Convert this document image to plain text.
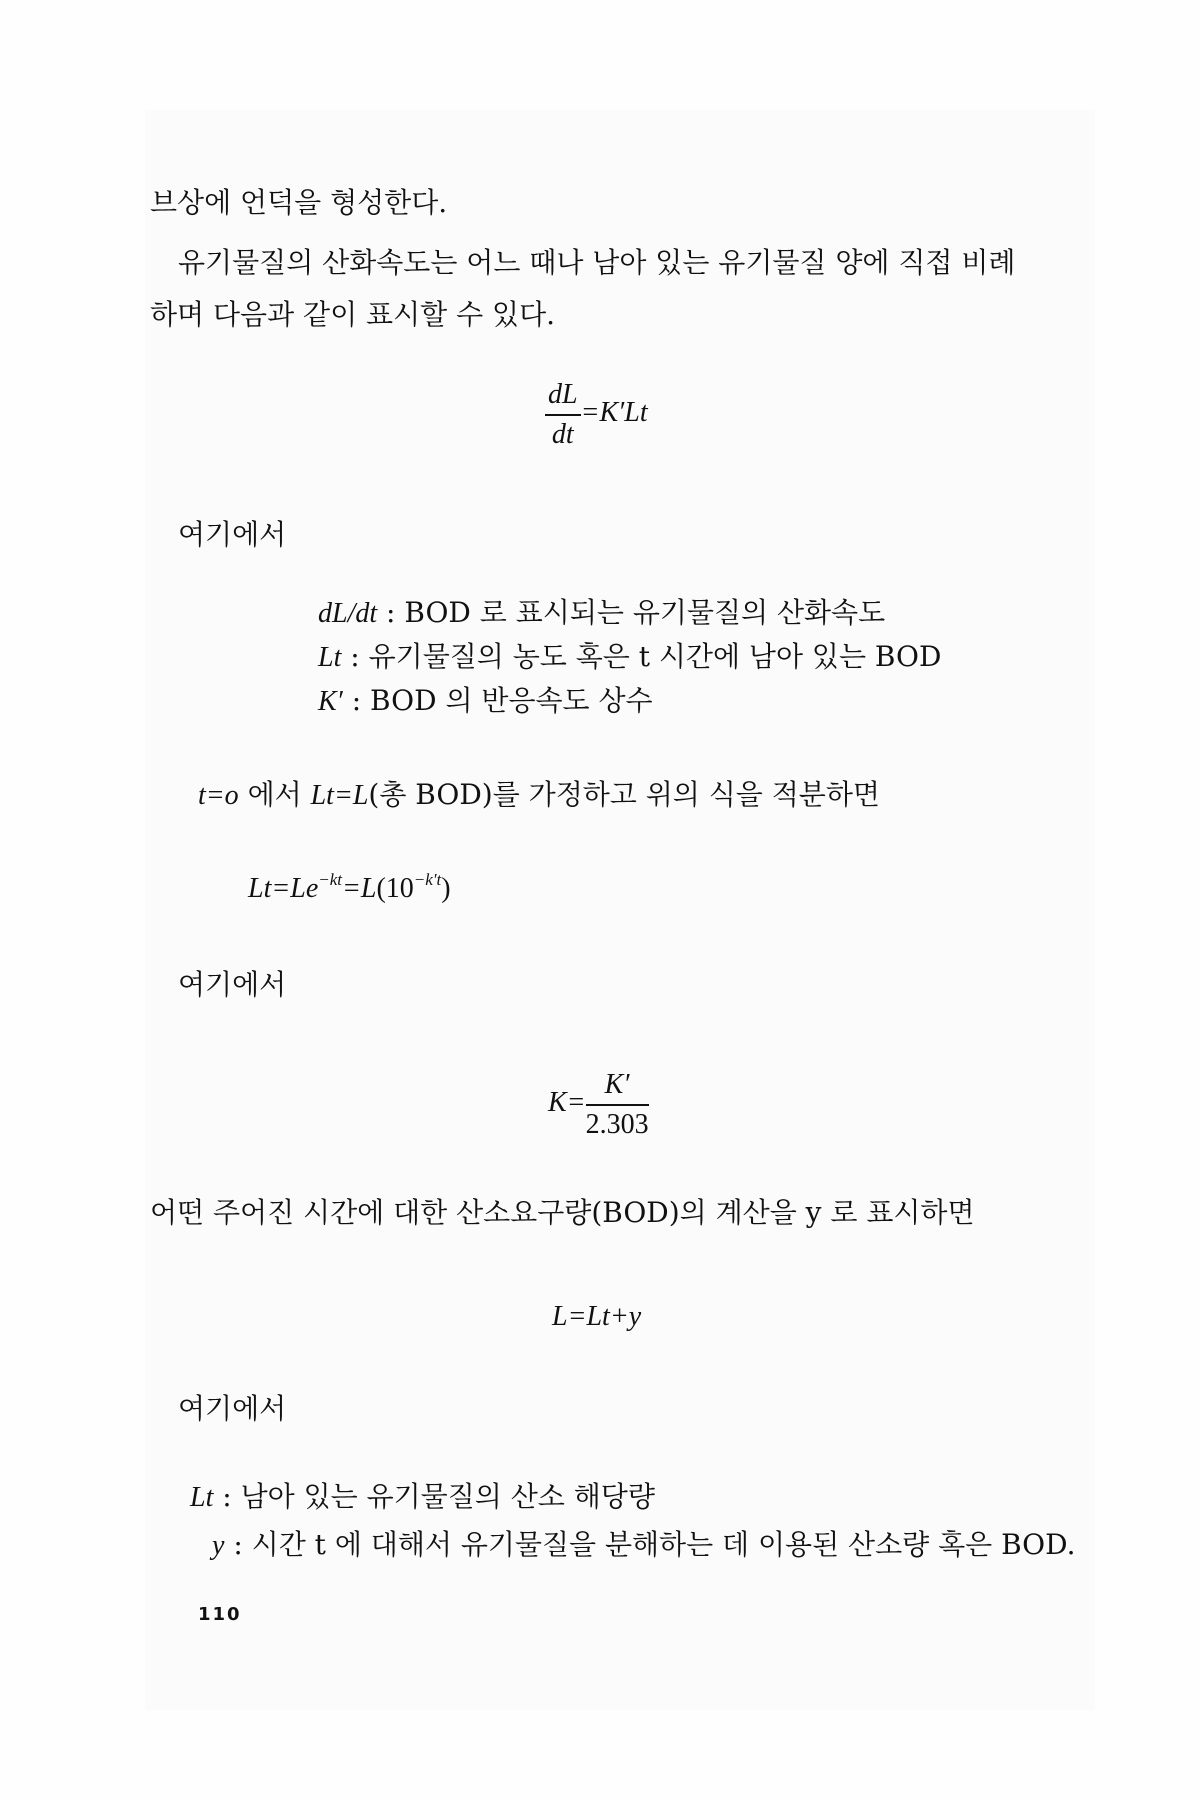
브상에 언덕을 형성한다.
유기물질의 산화속도는 어느 때나 남아 있는 유기물질 양에 직접 비례
하며 다음과 같이 표시할 수 있다.
$\frac{dL}{dt} =K'Lt$
여기에서
dL/dt : BOD 로 표시되는 유기물질의 산화속도
Lt : 유기물질의 농도 혹은 t 시간에 남아 있는 BOD
K′ : BOD 의 반응속도 상수
t=o 에서 Lt=L(총 BOD)를 가정하고 위의 식을 적분하면
$Lt=Le^{-kt}=L(10^{-k't})$
여기에서
$K= \frac{K'}{2.303}$
어떤 주어진 시간에 대한 산소요구량(BOD)의 계산을 y 로 표시하면
L=Lt+y
여기에서
Lt : 남아 있는 유기물질의 산소 해당량
y : 시간 t 에 대해서 유기물질을 분해하는 데 이용된 산소량 혹은 BOD.
110
